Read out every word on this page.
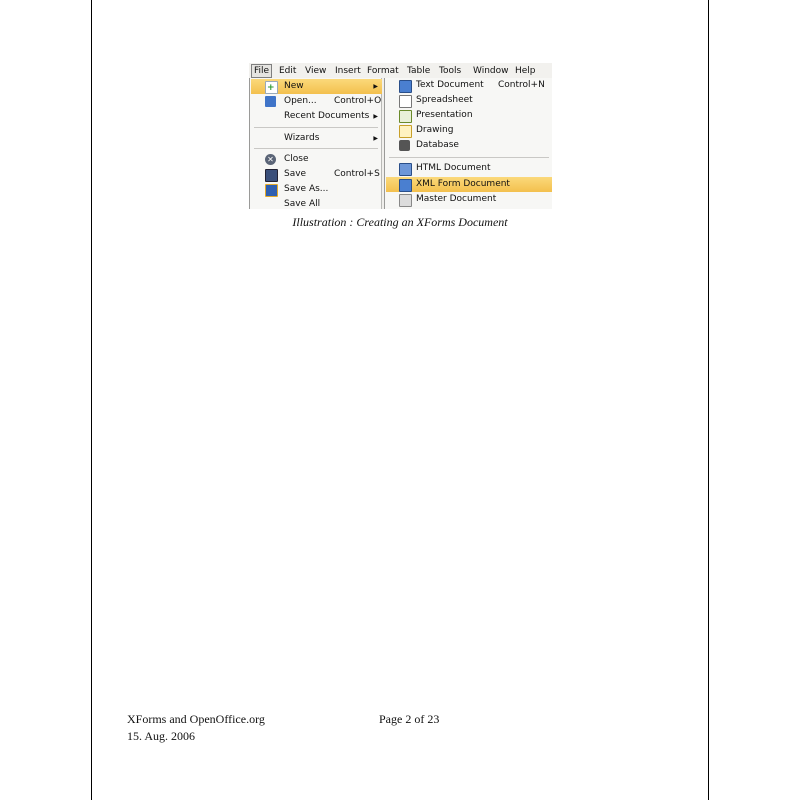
File	Edit View Insert Format Table Tools Window Help
+ New	▶
Open... Control+O
Recent Documents ▶
Wizards	▶
✕ Close
Save	Control+S
Save As...
Save All
Text Document Control+N
Spreadsheet
Presentation
Drawing
Database
HTML Document
XML Form Document
Master Document
Illustration : Creating an XForms Document
XForms and OpenOffice.org	Page 2 of 23
15. Aug. 2006
